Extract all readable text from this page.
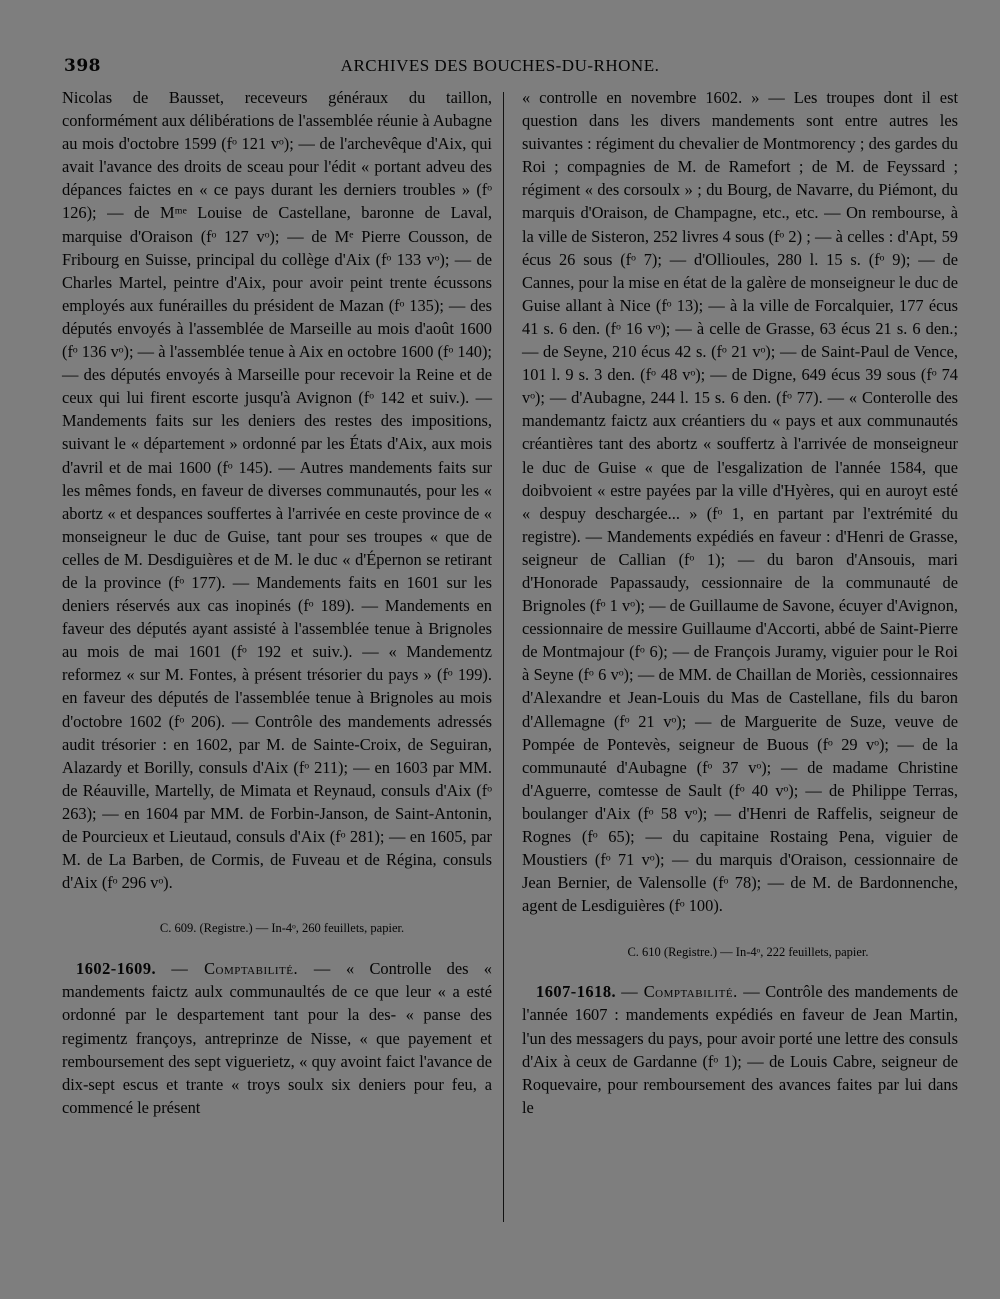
398	ARCHIVES DES BOUCHES-DU-RHONE.

Nicolas de Bausset, receveurs généraux du taillon, conformément aux délibérations de l'assemblée réunie à Aubagne au mois d'octobre 1599 (fᵒ 121 vᵒ); — de l'archevêque d'Aix, qui avait l'avance des droits de sceau pour l'édit « portant adveu des dépances faictes en « ce pays durant les derniers troubles » (fᵒ 126); — de Mᵐᵉ Louise de Castellane, baronne de Laval, marquise d'Oraison (fᵒ 127 vᵒ); — de Mᵉ Pierre Cousson, de Fribourg en Suisse, principal du collège d'Aix (fᵒ 133 vᵒ); — de Charles Martel, peintre d'Aix, pour avoir peint trente écussons employés aux funérailles du président de Mazan (fᵒ 135); — des députés envoyés à l'assemblée de Marseille au mois d'août 1600 (fᵒ 136 vᵒ); — à l'assemblée tenue à Aix en octobre 1600 (fᵒ 140); — des députés envoyés à Marseille pour recevoir la Reine et de ceux qui lui firent escorte jusqu'à Avignon (fᵒ 142 et suiv.). — Mandements faits sur les deniers des restes des impositions, suivant le « département » ordonné par les États d'Aix, aux mois d'avril et de mai 1600 (fᵒ 145). — Autres mandements faits sur les mêmes fonds, en faveur de diverses communautés, pour les « abortz « et despances souffertes à l'arrivée en ceste province de « monseigneur le duc de Guise, tant pour ses troupes « que de celles de M. Desdiguières et de M. le duc « d'Épernon se retirant de la province (fᵒ 177). — Mandements faits en 1601 sur les deniers réservés aux cas inopinés (fᵒ 189). — Mandements en faveur des députés ayant assisté à l'assemblée tenue à Brignoles au mois de mai 1601 (fᵒ 192 et suiv.). — « Mandementz reformez « sur M. Fontes, à présent trésorier du pays » (fᵒ 199). en faveur des députés de l'assemblée tenue à Brignoles au mois d'octobre 1602 (fᵒ 206). — Contrôle des mandements adressés audit trésorier : en 1602, par M. de Sainte-Croix, de Seguiran, Alazardy et Borilly, consuls d'Aix (fᵒ 211); — en 1603 par MM. de Réauville, Martelly, de Mimata et Reynaud, consuls d'Aix (fᵒ 263); — en 1604 par MM. de Forbin-Janson, de Saint-Antonin, de Pourcieux et Lieutaud, consuls d'Aix (fᵒ 281); — en 1605, par M. de La Barben, de Cormis, de Fuveau et de Régina, consuls d'Aix (fᵒ 296 vᵒ).

C. 609. (Registre.) — In-4ᵒ, 260 feuillets, papier.

1602-1609. — Comptabilité. — « Controlle des « mandements faictz aulx communaultés de ce que leur « a esté ordonné par le despartement tant pour la des- « panse des regimentz françoys, antreprinze de Nisse, « que payement et remboursement des sept viguerietz, « quy avoint faict l'avance de dix-sept escus et trante « troys soulx six deniers pour feu, a commencé le présent

« controlle en novembre 1602. » — Les troupes dont il est question dans les divers mandements sont entre autres les suivantes : régiment du chevalier de Montmorency ; des gardes du Roi ; compagnies de M. de Ramefort ; de M. de Feyssard ; régiment « des corsoulx » ; du Bourg, de Navarre, du Piémont, du marquis d'Oraison, de Champagne, etc., etc. — On rembourse, à la ville de Sisteron, 252 livres 4 sous (fᵒ 2) ; — à celles : d'Apt, 59 écus 26 sous (fᵒ 7); — d'Ollioules, 280 l. 15 s. (fᵒ 9); — de Cannes, pour la mise en état de la galère de monseigneur le duc de Guise allant à Nice (fᵒ 13); — à la ville de Forcalquier, 177 écus 41 s. 6 den. (fᵒ 16 vᵒ); — à celle de Grasse, 63 écus 21 s. 6 den.; — de Seyne, 210 écus 42 s. (fᵒ 21 vᵒ); — de Saint-Paul de Vence, 101 l. 9 s. 3 den. (fᵒ 48 vᵒ); — de Digne, 649 écus 39 sous (fᵒ 74 vᵒ); — d'Aubagne, 244 l. 15 s. 6 den. (fᵒ 77). — « Conterolle des mandemantz faictz aux créantiers du « pays et aux communautés créantières tant des abortz « souffertz à l'arrivée de monseigneur le duc de Guise « que de l'esgalization de l'année 1584, que doibvoient « estre payées par la ville d'Hyères, qui en auroyt esté « despuy deschargée... » (fᵒ 1, en partant par l'extrémité du registre). — Mandements expédiés en faveur : d'Henri de Grasse, seigneur de Callian (fᵒ 1); — du baron d'Ansouis, mari d'Honorade Papassaudy, cessionnaire de la communauté de Brignoles (fᵒ 1 vᵒ); — de Guillaume de Savone, écuyer d'Avignon, cessionnaire de messire Guillaume d'Accorti, abbé de Saint-Pierre de Montmajour (fᵒ 6); — de François Juramy, viguier pour le Roi à Seyne (fᵒ 6 vᵒ); — de MM. de Chaillan de Moriès, cessionnaires d'Alexandre et Jean-Louis du Mas de Castellane, fils du baron d'Allemagne (fᵒ 21 vᵒ); — de Marguerite de Suze, veuve de Pompée de Pontevès, seigneur de Buous (fᵒ 29 vᵒ); — de la communauté d'Aubagne (fᵒ 37 vᵒ); — de madame Christine d'Aguerre, comtesse de Sault (fᵒ 40 vᵒ); — de Philippe Terras, boulanger d'Aix (fᵒ 58 vᵒ); — d'Henri de Raffelis, seigneur de Rognes (fᵒ 65); — du capitaine Rostaing Pena, viguier de Moustiers (fᵒ 71 vᵒ); — du marquis d'Oraison, cessionnaire de Jean Bernier, de Valensolle (fᵒ 78); — de M. de Bardonnenche, agent de Lesdiguières (fᵒ 100).

C. 610 (Registre.) — In-4ᵒ, 222 feuillets, papier.

1607-1618. — Comptabilité. — Contrôle des mandements de l'année 1607 : mandements expédiés en faveur de Jean Martin, l'un des messagers du pays, pour avoir porté une lettre des consuls d'Aix à ceux de Gardanne (fᵒ 1); — de Louis Cabre, seigneur de Roquevaire, pour remboursement des avances faites par lui dans le
